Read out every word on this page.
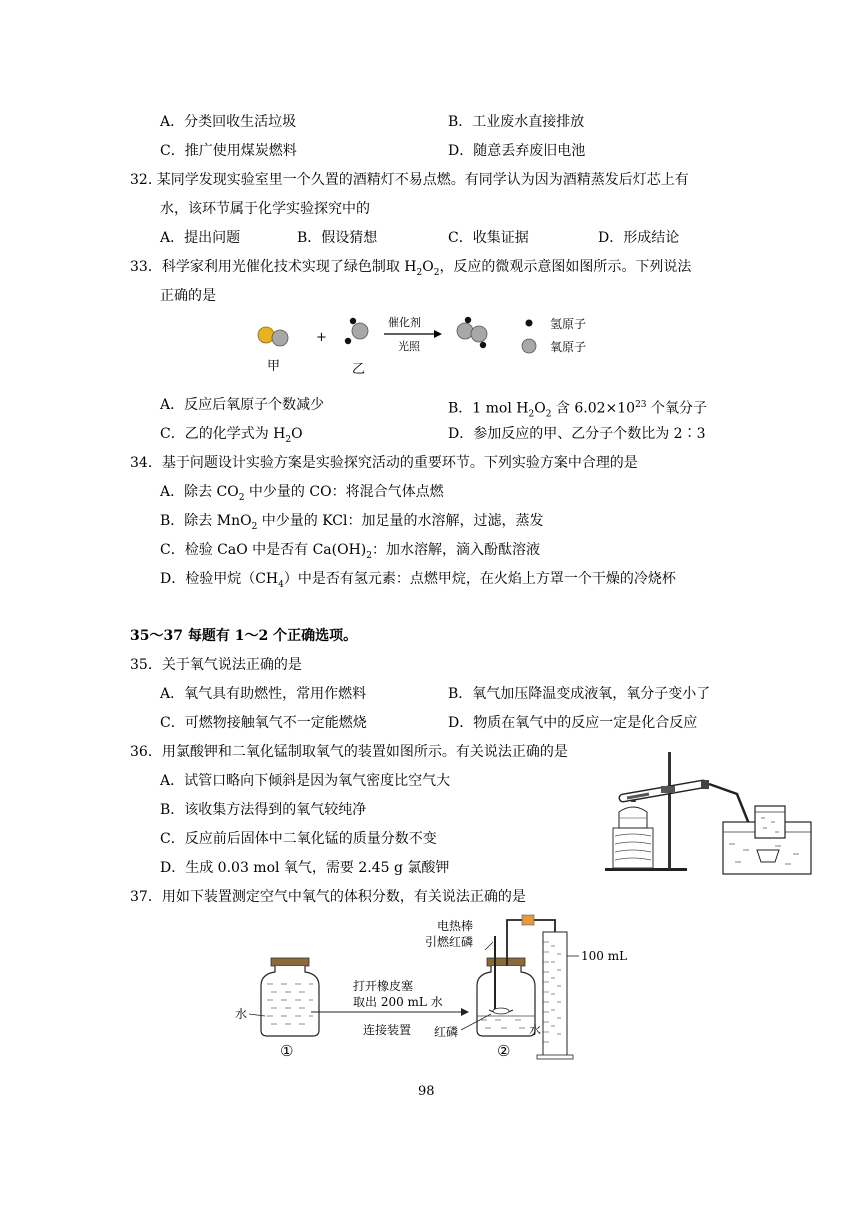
A．分类回收生活垃圾	B．工业废水直接排放
C．推广使用煤炭燃料	D．随意丢弃废旧电池
32. 某同学发现实验室里一个久置的酒精灯不易点燃。有同学认为因为酒精蒸发后灯芯上有
水，该环节属于化学实验探究中的
A．提出问题	B．假设猜想	C．收集证据	D．形成结论
33．科学家利用光催化技术实现了绿色制取 $H_2O_2$，反应的微观示意图如图所示。下列说法
正确的是
+
甲	乙
催化剂
光照
氢原子
氧原子
A．反应后氧原子个数减少	B．1 mol $H_2O_2$ 含 $6.02\times 10^{23}$ 个氧分子
C．乙的化学式为 $H_2O$	D．参加反应的甲、乙分子个数比为 2∶3
34．基于问题设计实验方案是实验探究活动的重要环节。下列实验方案中合理的是
A．除去 $CO_2$ 中少量的 CO：将混合气体点燃
B．除去 MnO$_2$ 中少量的 KCl：加足量的水溶解，过滤，蒸发
C．检验 CaO 中是否有 $Ca(OH)_2$：加水溶解，滴入酚酞溶液
D．检验甲烷$(CH_4)$中是否有氢元素：点燃甲烷，在火焰上方罩一个干燥的冷烧杯
35～37 每题有 1～2 个正确选项。
35．关于氧气说法正确的是
A．氧气具有助燃性，常用作燃料	B．氧气加压降温变成液氧，氧分子变小了
C．可燃物接触氧气不一定能燃烧	D．物质在氧气中的反应一定是化合反应
36．用氯酸钾和二氧化锰制取氧气的装置如图所示。有关说法正确的是
A．试管口略向下倾斜是因为氧气密度比空气大
B．该收集方法得到的氧气较纯净
C．反应前后固体中二氧化锰的质量分数不变
D．生成 0.03 mol 氧气，需要 2.45 g 氯酸钾
37．用如下装置测定空气中氧气的体积分数，有关说法正确的是
水
①
打开橡皮塞
取出 200 mL 水
连接装置
电热棒
引燃红磷
红磷
100 mL
水
②
98
